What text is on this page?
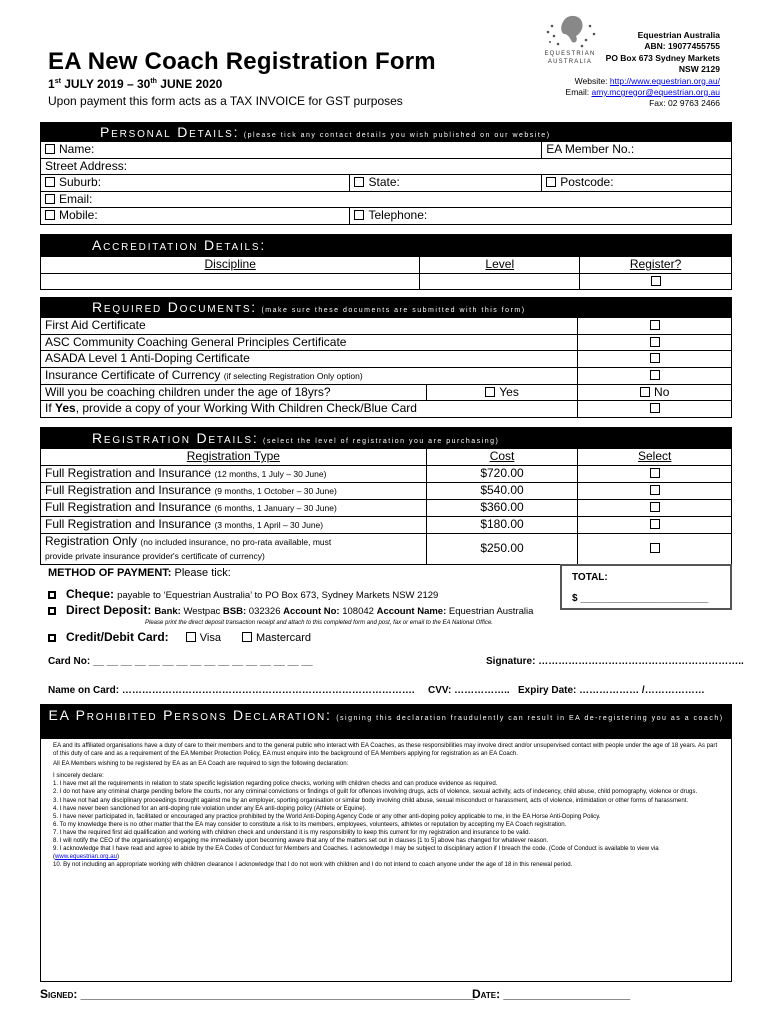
EA New Coach Registration Form
1st JULY 2019 – 30th JUNE 2020
Upon payment this form acts as a TAX INVOICE for GST purposes
EQUESTRIAN
AUSTRALIA
Equestrian Australia
ABN: 19077455755
PO Box 673 Sydney Markets
NSW 2129
Website: http://www.equestrian.org.au/
Email: amy.mcgregor@equestrian.org.au
Fax: 02 9763 2466
Personal Details: (please tick any contact details you wish published on our website)
Name:		EA Member No.:
Street Address:		
Suburb:	State:	Postcode:
Email:		
Mobile:	Telephone:	
Accreditation Details:
Discipline	Level	Register?

Required Documents: (make sure these documents are submitted with this form)
First Aid Certificate		
ASC Community Coaching General Principles Certificate		
ASADA Level 1 Anti-Doping Certificate		
Insurance Certificate of Currency (if selecting Registration Only option)		
Will you be coaching children under the age of 18yrs?	Yes	No
If Yes, provide a copy of your Working With Children Check/Blue Card		
Registration Details: (select the level of registration you are purchasing)
Registration Type	Cost	Select
Full Registration and Insurance (12 months, 1 July – 30 June)	$720.00	
Full Registration and Insurance (9 months, 1 October – 30 June)	$540.00	
Full Registration and Insurance (6 months, 1 January – 30 June)	$360.00	
Full Registration and Insurance (3 months, 1 April – 30 June)	$180.00	
Registration Only (no included insurance, no pro-rata available, must
provide private insurance provider's certificate of currency)	$250.00	
METHOD OF PAYMENT: Please tick:	TOTAL:
$ _______________________
Cheque: payable to ‘Equestrian Australia’ to PO Box 673, Sydney Markets NSW 2129
Direct Deposit: Bank: Westpac BSB: 032326 Account No: 108042 Account Name: Equestrian Australia
Please print the direct deposit transaction receipt and attach to this completed form and post, fax or email to the EA National Office.
Credit/Debit Card:	Visa	Mastercard
Card No: __ __ __ __ __ __ __ __ __ __ __ __ __ __ __ __	Signature: ……………………………………………………..
Name on Card: ……………………………………………………………………………. CVV: …………….. Expiry Date: ……………… /………………
EA Prohibited Persons Declaration: (signing this declaration fraudulently can result in EA de-registering you as a coach)

EA and its affiliated organisations have a duty of care to their members and to the general public who interact with EA Coaches, as these responsibilities may involve direct and/or unsupervised contact with people under the age of 18 years. As part of this duty of care and as a requirement of the EA Member Protection Policy, EA must enquire into the background of EA Members applying for registration as an EA Coach.

All EA Members wishing to be registered by EA as an EA Coach are required to sign the following declaration:

I sincerely declare:

1. I have met all the requirements in relation to state specific legislation regarding police checks, working with children checks and can produce evidence as required.
2. I do not have any criminal charge pending before the courts, nor any criminal convictions or findings of guilt for offences involving drugs, acts of violence, sexual activity, acts of indecency, child abuse, child pornography, violence or drugs.
3. I have not had any disciplinary proceedings brought against me by an employer, sporting organisation or similar body involving child abuse, sexual misconduct or harassment, acts of violence, intimidation or other forms of harassment.
4. I have never been sanctioned for an anti-doping rule violation under any EA anti-doping policy (Athlete or Equine).
5. I have never participated in, facilitated or encouraged any practice prohibited by the World Anti-Doping Agency Code or any other anti-doping policy applicable to me, in the EA Horse Anti-Doping Policy.
6. To my knowledge there is no other matter that the EA may consider to constitute a risk to its members, employees, volunteers, athletes or reputation by accepting my EA Coach registration.
7. I have the required first aid qualification and working with children check and understand it is my responsibility to keep this current for my registration and insurance to be valid.
8. I will notify the CEO of the organisation(s) engaging me immediately upon becoming aware that any of the matters set out in clauses [1 to 5] above has changed for whatever reason.
9. I acknowledge that I have read and agree to abide by the EA Codes of Conduct for Members and Coaches. I acknowledge I may be subject to disciplinary action if I breach the code. (Code of Conduct is available to view via (www.equestrian.org.au)
10. By not including an appropriate working with children clearance I acknowledge that I do not work with children and I do not intend to coach anyone under the age of 18 in this renewal period.
Signed: ___________________________________________________________
Date: ___________________
